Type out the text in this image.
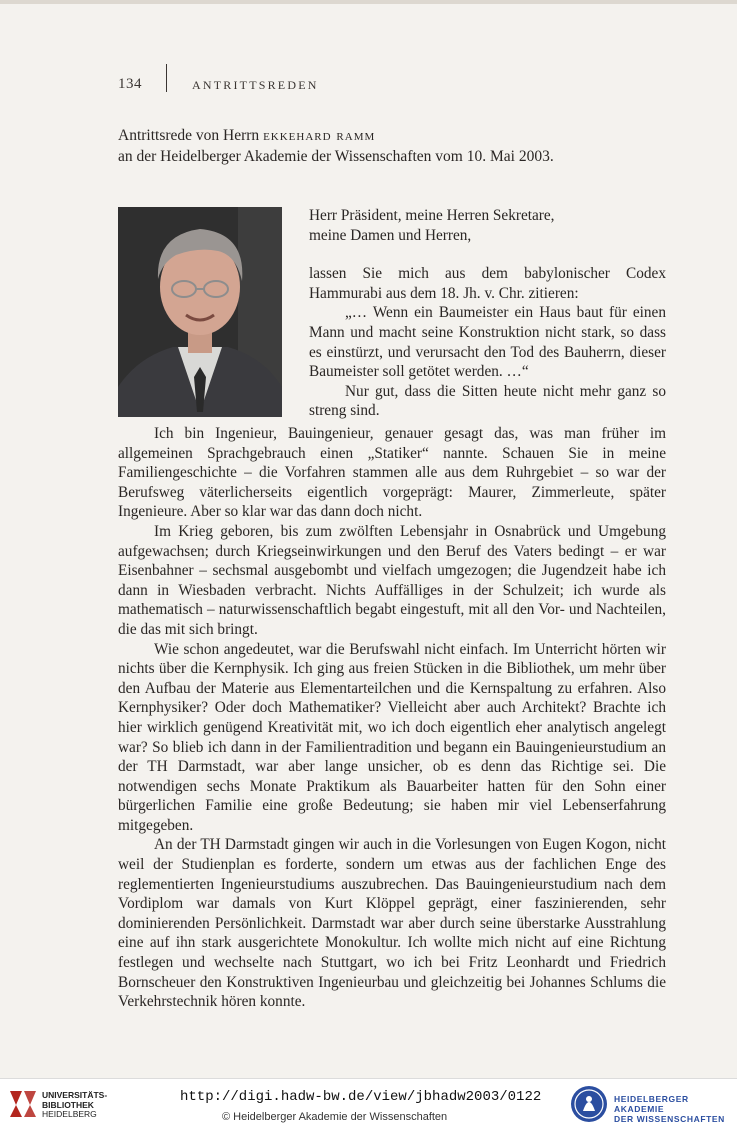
134	ANTRITTSREDEN
Antrittsrede von Herrn ekkehard ramm
an der Heidelberger Akademie der Wissenschaften vom 10. Mai 2003.

Herr Präsident, meine Herren Sekretare,

meine Damen und Herren,

lassen Sie mich aus dem babylonischer Codex Hammurabi aus dem 18. Jh. v. Chr. zitieren:

„… Wenn ein Baumeister ein Haus baut für einen Mann und macht seine Konstruktion nicht stark, so dass es einstürzt, und verursacht den Tod des Bauherrn, dieser Baumeister soll getötet werden. …“

Nur gut, dass die Sitten heute nicht mehr ganz so streng sind.

Ich bin Ingenieur, Bauingenieur, genauer gesagt das, was man früher im allgemeinen Sprachgebrauch einen „Statiker“ nannte. Schauen Sie in meine Familiengeschichte – die Vorfahren stammen alle aus dem Ruhrgebiet – so war der Berufsweg väterlicherseits eigentlich vorgeprägt: Maurer, Zimmerleute, später Ingenieure. Aber so klar war das dann doch nicht.

Im Krieg geboren, bis zum zwölften Lebensjahr in Osnabrück und Umgebung aufgewachsen; durch Kriegseinwirkungen und den Beruf des Vaters bedingt – er war Eisenbahner – sechsmal ausgebombt und vielfach umgezogen; die Jugendzeit habe ich dann in Wiesbaden verbracht. Nichts Auffälliges in der Schulzeit; ich wurde als mathematisch – naturwissenschaftlich begabt eingestuft, mit all den Vor- und Nachteilen, die das mit sich bringt.

Wie schon angedeutet, war die Berufswahl nicht einfach. Im Unterricht hörten wir nichts über die Kernphysik. Ich ging aus freien Stücken in die Bibliothek, um mehr über den Aufbau der Materie aus Elementarteilchen und die Kernspaltung zu erfahren. Also Kernphysiker? Oder doch Mathematiker? Vielleicht aber auch Architekt? Brachte ich hier wirklich genügend Kreativität mit, wo ich doch eigentlich eher analytisch angelegt war? So blieb ich dann in der Familientradition und begann ein Bauingenieurstudium an der TH Darmstadt, war aber lange unsicher, ob es denn das Richtige sei. Die notwendigen sechs Monate Praktikum als Bauarbeiter hatten für den Sohn einer bürgerlichen Familie eine große Bedeutung; sie haben mir viel Lebenserfahrung mitgegeben.

An der TH Darmstadt gingen wir auch in die Vorlesungen von Eugen Kogon, nicht weil der Studienplan es forderte, sondern um etwas aus der fachlichen Enge des reglementierten Ingenieurstudiums auszubrechen. Das Bauingenieurstudium nach dem Vordiplom war damals von Kurt Klöppel geprägt, einer faszinierenden, sehr dominierenden Persönlichkeit. Darmstadt war aber durch seine überstarke Ausstrahlung eine auf ihn stark ausgerichtete Monokultur. Ich wollte mich nicht auf eine Richtung festlegen und wechselte nach Stuttgart, wo ich bei Fritz Leonhardt und Friedrich Bornscheuer den Konstruktiven Ingenieurbau und gleichzeitig bei Johannes Schlums die Verkehrstechnik hören konnte.

UNIVERSITÄTS-
BIBLIOTHEK
HEIDELBERG
http://digi.hadw-bw.de/view/jbhadw2003/0122
© Heidelberger Akademie der Wissenschaften
HEIDELBERGER AKADEMIE
DER WISSENSCHAFTEN
